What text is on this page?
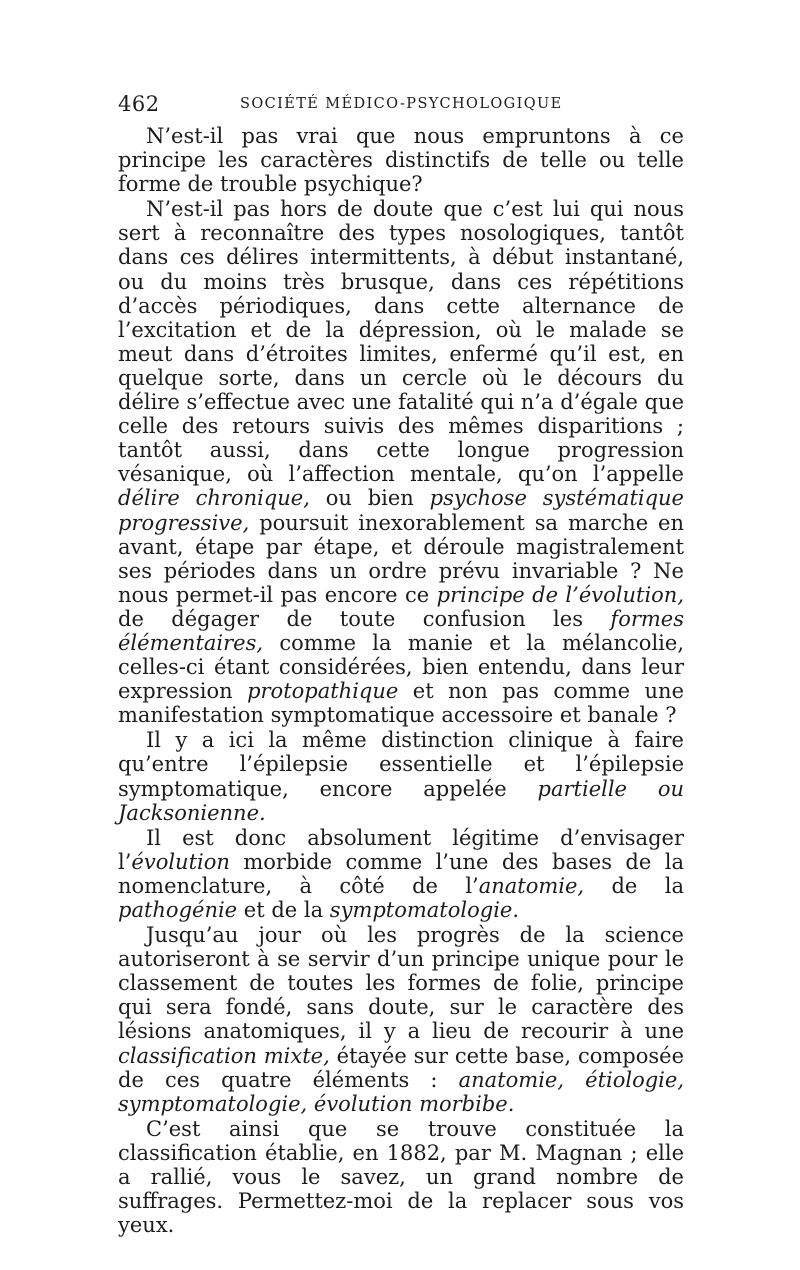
462	SOCIÉTÉ MÉDICO-PSYCHOLOGIQUE

N’est-il pas vrai que nous empruntons à ce principe les caractères distinctifs de telle ou telle forme de trouble psychique?

N’est-il pas hors de doute que c’est lui qui nous sert à reconnaître des types nosologiques, tantôt dans ces délires intermittents, à début instantané, ou du moins très brusque, dans ces répétitions d’accès périodiques, dans cette alternance de l’excitation et de la dépression, où le malade se meut dans d’étroites limites, enfermé qu’il est, en quelque sorte, dans un cercle où le décours du délire s’effectue avec une fatalité qui n’a d’égale que celle des retours suivis des mêmes disparitions ; tantôt aussi, dans cette longue progression vésanique, où l’affection mentale, qu’on l’appelle délire chronique, ou bien psychose systématique progressive, poursuit inexorablement sa marche en avant, étape par étape, et déroule magistralement ses périodes dans un ordre prévu invariable ? Ne nous permet-il pas encore ce principe de l’évolution, de dégager de toute confusion les formes élémentaires, comme la manie et la mélancolie, celles-ci étant considérées, bien entendu, dans leur expression protopathique et non pas comme une manifestation symptomatique accessoire et banale ?

Il y a ici la même distinction clinique à faire qu’entre l’épilepsie essentielle et l’épilepsie symptomatique, encore appelée partielle ou Jacksonienne.

Il est donc absolument légitime d’envisager l’évolution morbide comme l’une des bases de la nomenclature, à côté de l’anatomie, de la pathogénie et de la symptomatologie.

Jusqu’au jour où les progrès de la science autoriseront à se servir d’un principe unique pour le classement de toutes les formes de folie, principe qui sera fondé, sans doute, sur le caractère des lésions anatomiques, il y a lieu de recourir à une classification mixte, étayée sur cette base, composée de ces quatre éléments : anatomie, étiologie, symptomatologie, évolution morbibe.

C’est ainsi que se trouve constituée la classification établie, en 1882, par M. Magnan ; elle a rallié, vous le savez, un grand nombre de suffrages. Permettez-moi de la replacer sous vos yeux.
